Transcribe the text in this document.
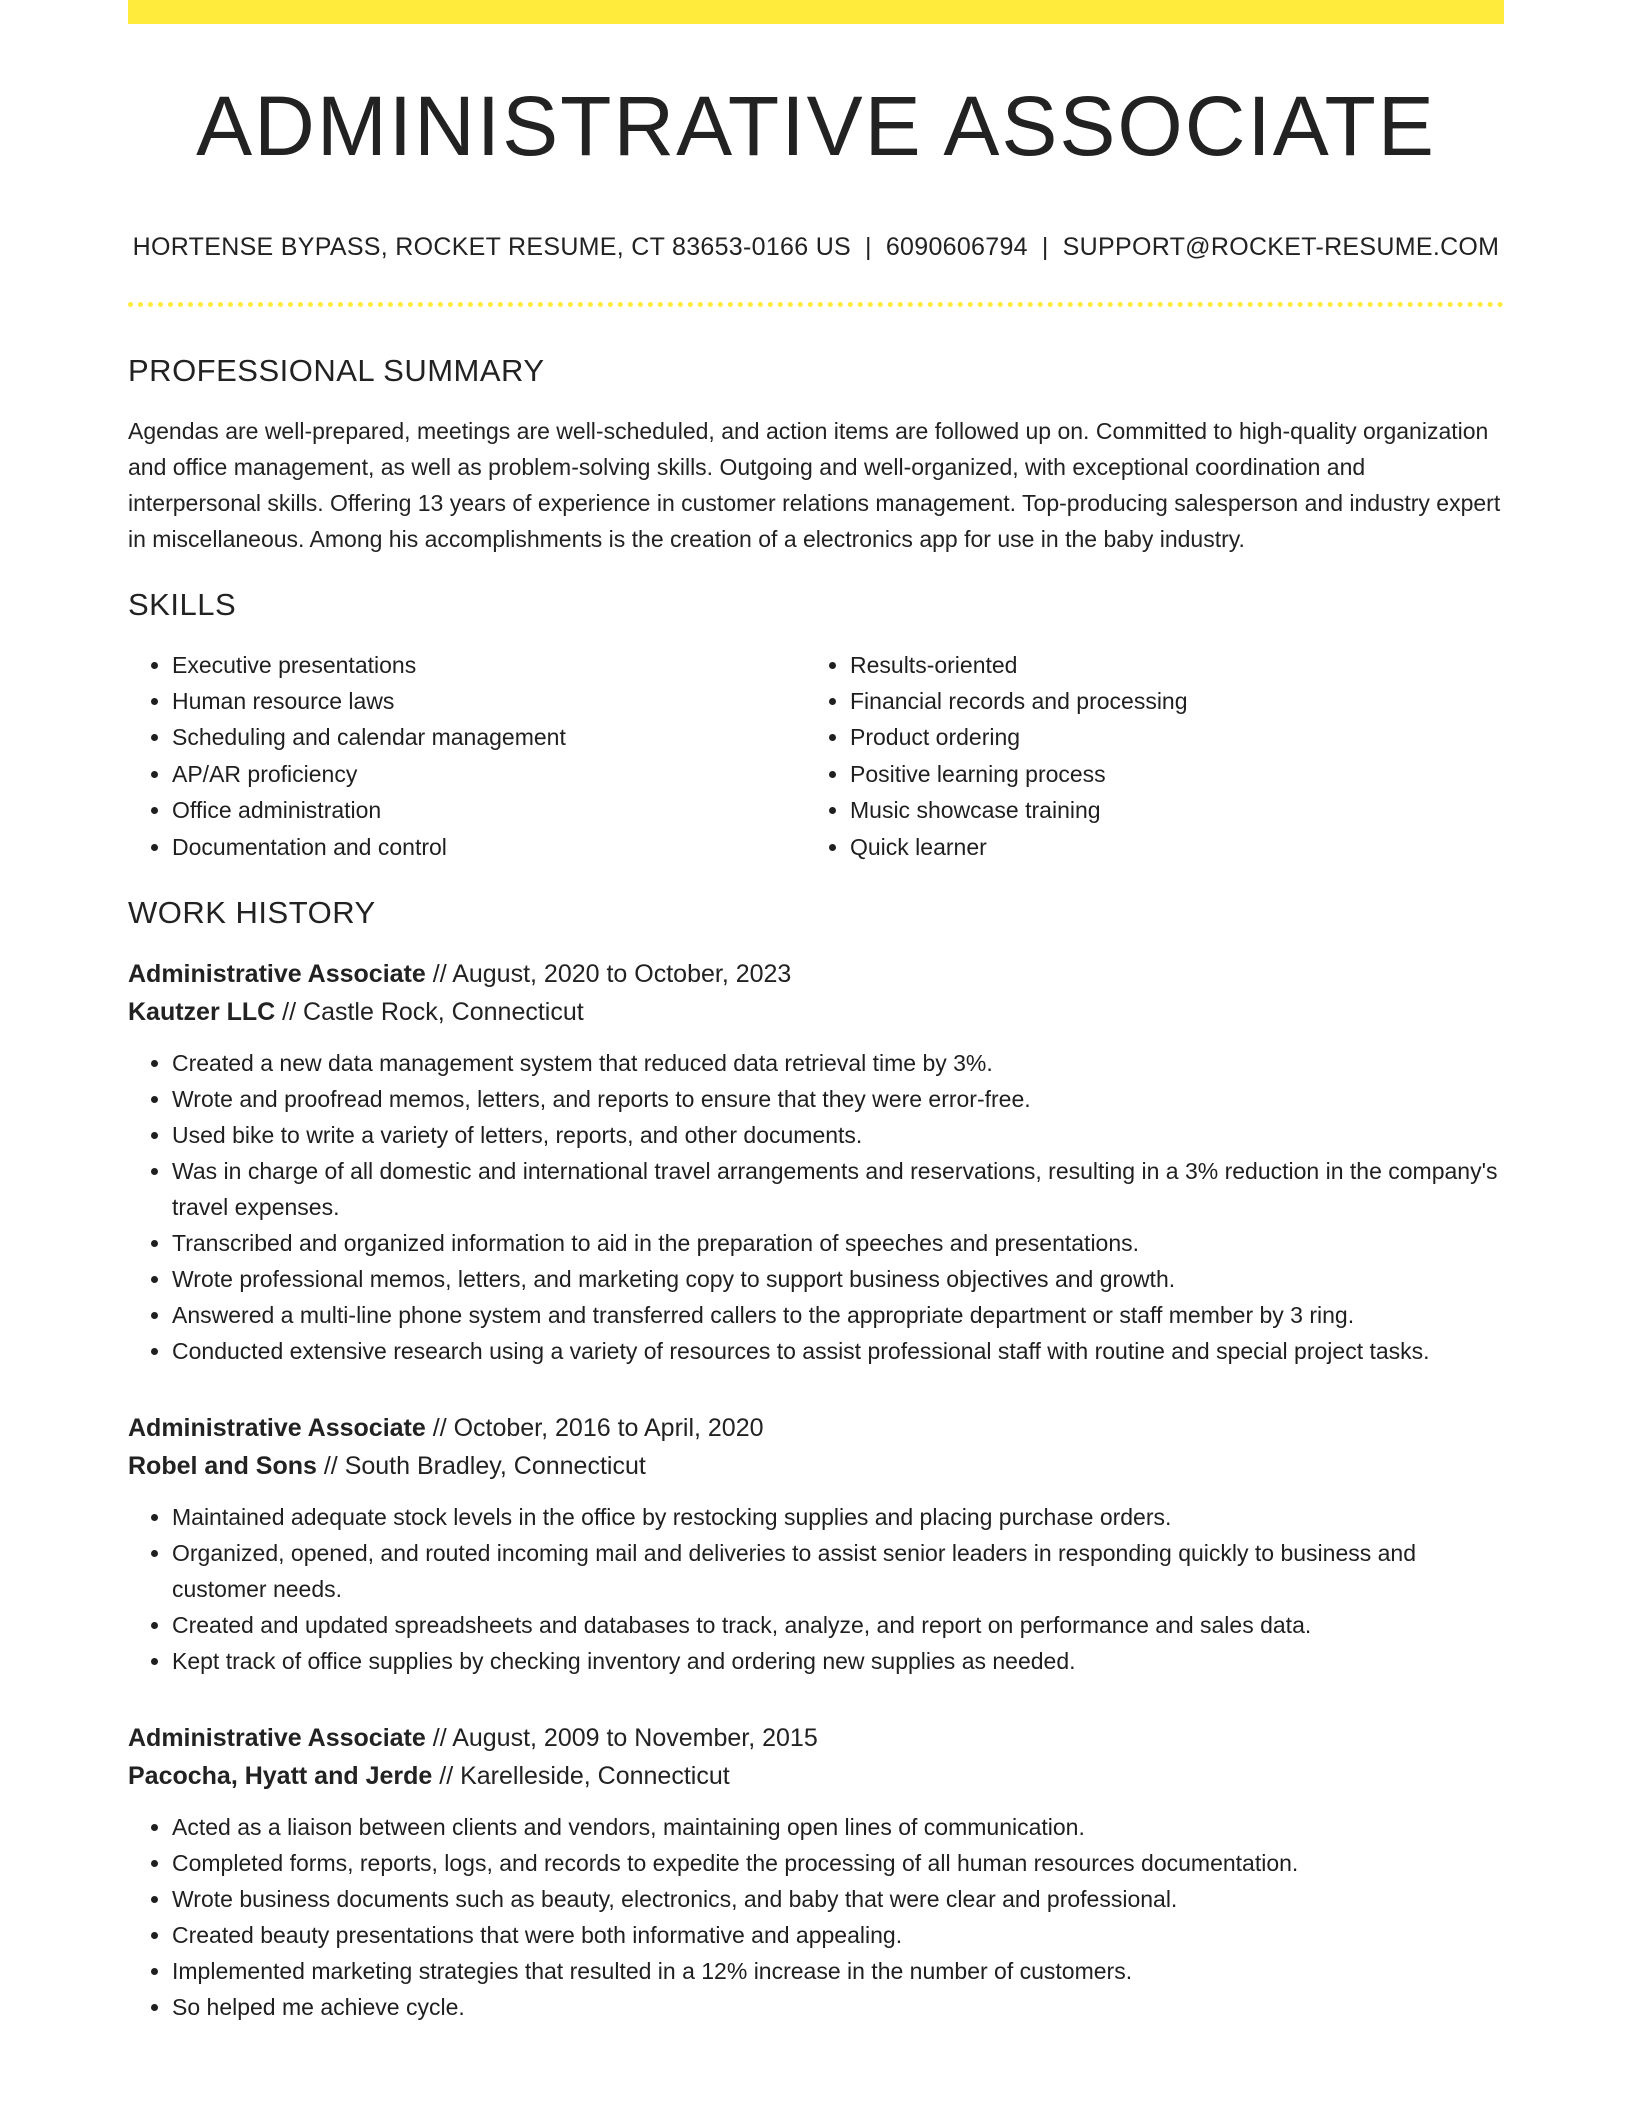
ADMINISTRATIVE ASSOCIATE
HORTENSE BYPASS, ROCKET RESUME, CT 83653-0166 US | 6090606794 | SUPPORT@ROCKET-RESUME.COM
PROFESSIONAL SUMMARY
Agendas are well-prepared, meetings are well-scheduled, and action items are followed up on. Committed to high-quality organization and office management, as well as problem-solving skills. Outgoing and well-organized, with exceptional coordination and interpersonal skills. Offering 13 years of experience in customer relations management. Top-producing salesperson and industry expert in miscellaneous. Among his accomplishments is the creation of a electronics app for use in the baby industry.
SKILLS
• Executive presentations
• Human resource laws
• Scheduling and calendar management
• AP/AR proficiency
• Office administration
• Documentation and control
• Results-oriented
• Financial records and processing
• Product ordering
• Positive learning process
• Music showcase training
• Quick learner
WORK HISTORY
Administrative Associate // August, 2020 to October, 2023
Kautzer LLC // Castle Rock, Connecticut
• Created a new data management system that reduced data retrieval time by 3%.
• Wrote and proofread memos, letters, and reports to ensure that they were error-free.
• Used bike to write a variety of letters, reports, and other documents.
• Was in charge of all domestic and international travel arrangements and reservations, resulting in a 3% reduction in the company's travel expenses.
• Transcribed and organized information to aid in the preparation of speeches and presentations.
• Wrote professional memos, letters, and marketing copy to support business objectives and growth.
• Answered a multi-line phone system and transferred callers to the appropriate department or staff member by 3 ring.
• Conducted extensive research using a variety of resources to assist professional staff with routine and special project tasks.
Administrative Associate // October, 2016 to April, 2020
Robel and Sons // South Bradley, Connecticut
• Maintained adequate stock levels in the office by restocking supplies and placing purchase orders.
• Organized, opened, and routed incoming mail and deliveries to assist senior leaders in responding quickly to business and customer needs.
• Created and updated spreadsheets and databases to track, analyze, and report on performance and sales data.
• Kept track of office supplies by checking inventory and ordering new supplies as needed.
Administrative Associate // August, 2009 to November, 2015
Pacocha, Hyatt and Jerde // Karelleside, Connecticut
• Acted as a liaison between clients and vendors, maintaining open lines of communication.
• Completed forms, reports, logs, and records to expedite the processing of all human resources documentation.
• Wrote business documents such as beauty, electronics, and baby that were clear and professional.
• Created beauty presentations that were both informative and appealing.
• Implemented marketing strategies that resulted in a 12% increase in the number of customers.
• So helped me achieve cycle.
